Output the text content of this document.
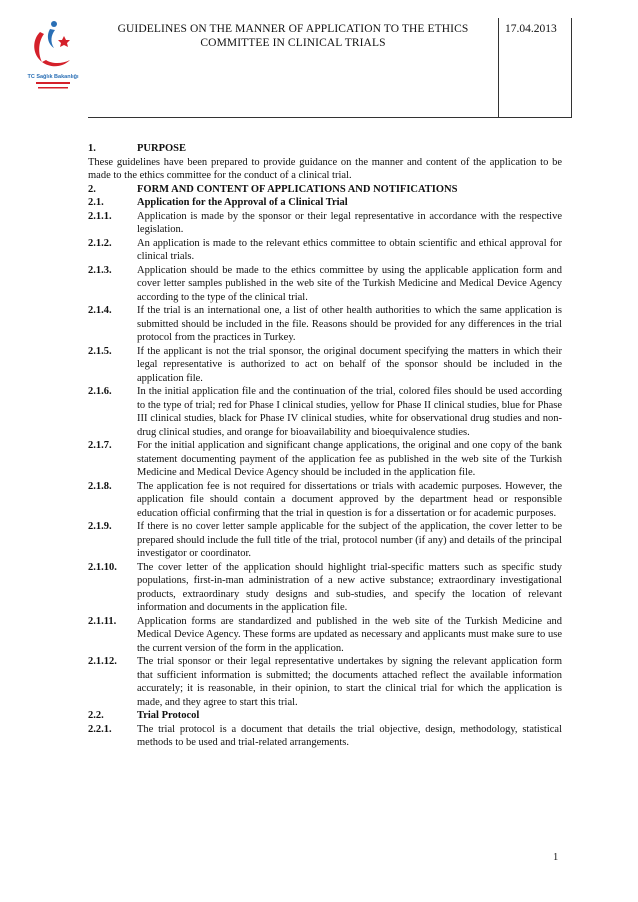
TC Sağlık Bakanlığı
GUIDELINES ON THE MANNER OF APPLICATION TO THE ETHICS COMMITTEE IN CLINICAL TRIALS
17.04.2013
1.	PURPOSE
These guidelines have been prepared to provide guidance on the manner and content of the application to be made to the ethics committee for the conduct of a clinical trial.
2.	FORM AND CONTENT OF APPLICATIONS AND NOTIFICATIONS
2.1.	Application for the Approval of a Clinical Trial
2.1.1.	Application is made by the sponsor or their legal representative in accordance with the respective legislation.
2.1.2.	An application is made to the relevant ethics committee to obtain scientific and ethical approval for clinical trials.
2.1.3.	Application should be made to the ethics committee by using the applicable application form and cover letter samples published in the web site of the Turkish Medicine and Medical Device Agency according to the type of the clinical trial.
2.1.4.	If the trial is an international one, a list of other health authorities to which the same application is submitted should be included in the file. Reasons should be provided for any differences in the trial protocol from the practices in Turkey.
2.1.5.	If the applicant is not the trial sponsor, the original document specifying the matters in which their legal representative is authorized to act on behalf of the sponsor should be included in the application file.
2.1.6.	In the initial application file and the continuation of the trial, colored files should be used according to the type of trial; red for Phase I clinical studies, yellow for Phase II clinical studies, blue for Phase III clinical studies, black for Phase IV clinical studies, white for observational drug studies and non-drug clinical studies, and orange for bioavailability and bioequivalence studies.
2.1.7.	For the initial application and significant change applications, the original and one copy of the bank statement documenting payment of the application fee as published in the web site of the Turkish Medicine and Medical Device Agency should be included in the application file.
2.1.8.	The application fee is not required for dissertations or trials with academic purposes. However, the application file should contain a document approved by the department head or responsible education official confirming that the trial in question is for a dissertation or for academic purposes.
2.1.9.	If there is no cover letter sample applicable for the subject of the application, the cover letter to be prepared should include the full title of the trial, protocol number (if any) and details of the principal investigator or coordinator.
2.1.10.	The cover letter of the application should highlight trial-specific matters such as specific study populations, first-in-man administration of a new active substance; extraordinary investigational products, extraordinary study designs and sub-studies, and specify the location of relevant information and documents in the application file.
2.1.11.	Application forms are standardized and published in the web site of the Turkish Medicine and Medical Device Agency. These forms are updated as necessary and applicants must make sure to use the current version of the form in the application.
2.1.12.	The trial sponsor or their legal representative undertakes by signing the relevant application form that sufficient information is submitted; the documents attached reflect the available information accurately; it is reasonable, in their opinion, to start the clinical trial for which the application is made, and they agree to start this trial.
2.2.	Trial Protocol
2.2.1.	The trial protocol is a document that details the trial objective, design, methodology, statistical methods to be used and trial-related arrangements.
1
